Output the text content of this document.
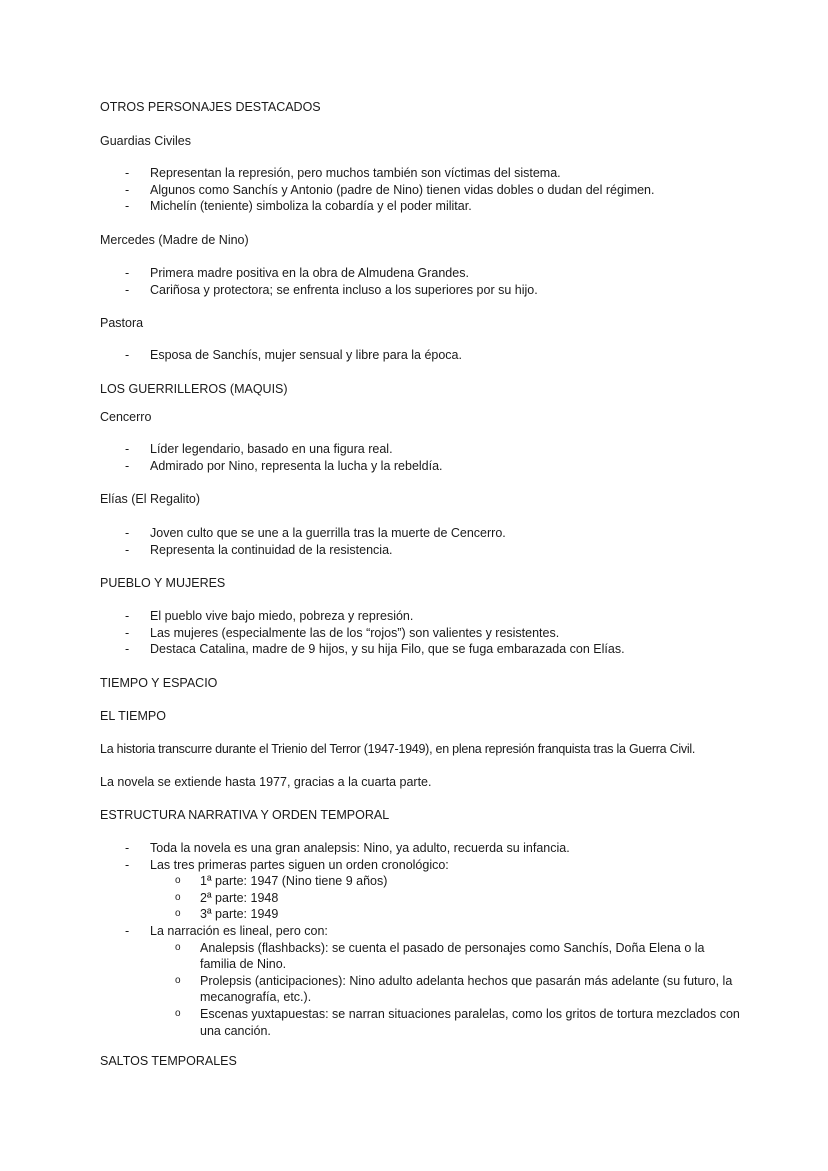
OTROS PERSONAJES DESTACADOS

Guardias Civiles

- Representan la represión, pero muchos también son víctimas del sistema.
- Algunos como Sanchís y Antonio (padre de Nino) tienen vidas dobles o dudan del régimen.
- Michelín (teniente) simboliza la cobardía y el poder militar.

Mercedes (Madre de Nino)

- Primera madre positiva en la obra de Almudena Grandes.
- Cariñosa y protectora; se enfrenta incluso a los superiores por su hijo.

Pastora

- Esposa de Sanchís, mujer sensual y libre para la época.

LOS GUERRILLEROS (MAQUIS)

Cencerro

- Líder legendario, basado en una figura real.
- Admirado por Nino, representa la lucha y la rebeldía.

Elías (El Regalito)

- Joven culto que se une a la guerrilla tras la muerte de Cencerro.
- Representa la continuidad de la resistencia.

PUEBLO Y MUJERES

- El pueblo vive bajo miedo, pobreza y represión.
- Las mujeres (especialmente las de los “rojos”) son valientes y resistentes.
- Destaca Catalina, madre de 9 hijos, y su hija Filo, que se fuga embarazada con Elías.

TIEMPO Y ESPACIO

EL TIEMPO

La historia transcurre durante el Trienio del Terror (1947-1949), en plena represión franquista tras la Guerra Civil.

La novela se extiende hasta 1977, gracias a la cuarta parte.

ESTRUCTURA NARRATIVA Y ORDEN TEMPORAL

- Toda la novela es una gran analepsis: Nino, ya adulto, recuerda su infancia.
- Las tres primeras partes siguen un orden cronológico:
o 1ª parte: 1947 (Nino tiene 9 años)
o 2ª parte: 1948
o 3ª parte: 1949
- La narración es lineal, pero con:
o Analepsis (flashbacks): se cuenta el pasado de personajes como Sanchís, Doña Elena o la familia de Nino.
o Prolepsis (anticipaciones): Nino adulto adelanta hechos que pasarán más adelante (su futuro, la mecanografía, etc.).
o Escenas yuxtapuestas: se narran situaciones paralelas, como los gritos de tortura mezclados con una canción.

SALTOS TEMPORALES
